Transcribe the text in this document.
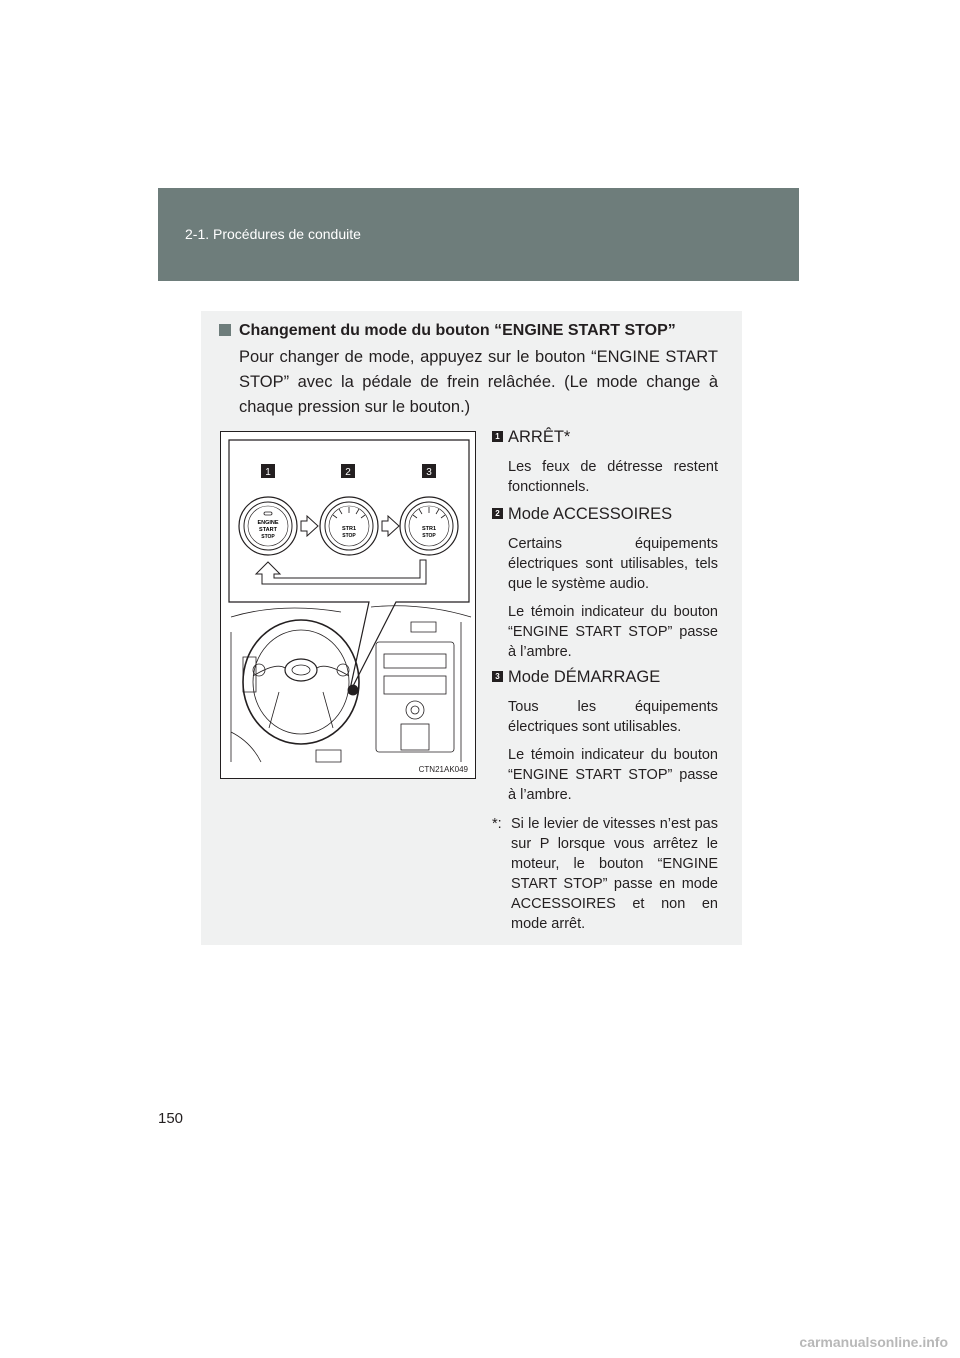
2-1. Procédures de conduite
Changement du mode du bouton “ENGINE START STOP”

Pour changer de mode, appuyez sur le bouton “ENGINE START STOP” avec la pédale de frein relâchée. (Le mode change à chaque pression sur le bouton.)

1	2	3
ENGINE
START
STOP
STR1
STOP
STR1
STOP
CTN21AK049
1 ARRÊT*

Les feux de détresse restent fonctionnels.

2 Mode ACCESSOIRES

Certains équipements électriques sont utilisables, tels que le système audio.

Le témoin indicateur du bouton “ENGINE START STOP” passe à l’ambre.

3 Mode DÉMARRAGE

Tous les équipements électriques sont utilisables.

Le témoin indicateur du bouton “ENGINE START STOP” passe à l’ambre.

*: Si le levier de vitesses n’est pas sur P lorsque vous arrêtez le moteur, le bouton “ENGINE START STOP” passe en mode ACCESSOIRES et non en mode arrêt.
150
carmanualsonline.info
